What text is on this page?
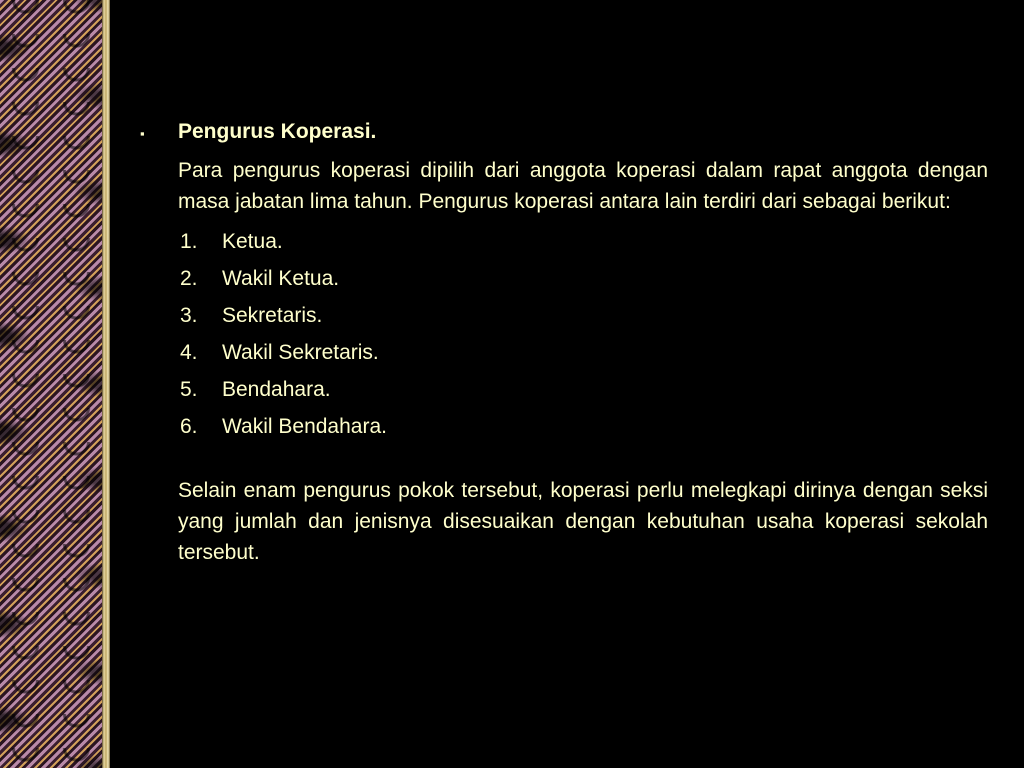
▪	Pengurus Koperasi.
Para pengurus koperasi dipilih dari anggota koperasi dalam rapat anggota dengan masa jabatan lima tahun. Pengurus koperasi antara lain terdiri dari sebagai berikut:
1.	Ketua.
2.	Wakil Ketua.
3.	Sekretaris.
4.	Wakil Sekretaris.
5.	Bendahara.
6.	Wakil Bendahara.
Selain enam pengurus pokok tersebut, koperasi perlu melegkapi dirinya dengan seksi yang jumlah dan jenisnya disesuaikan dengan kebutuhan usaha koperasi sekolah tersebut.
